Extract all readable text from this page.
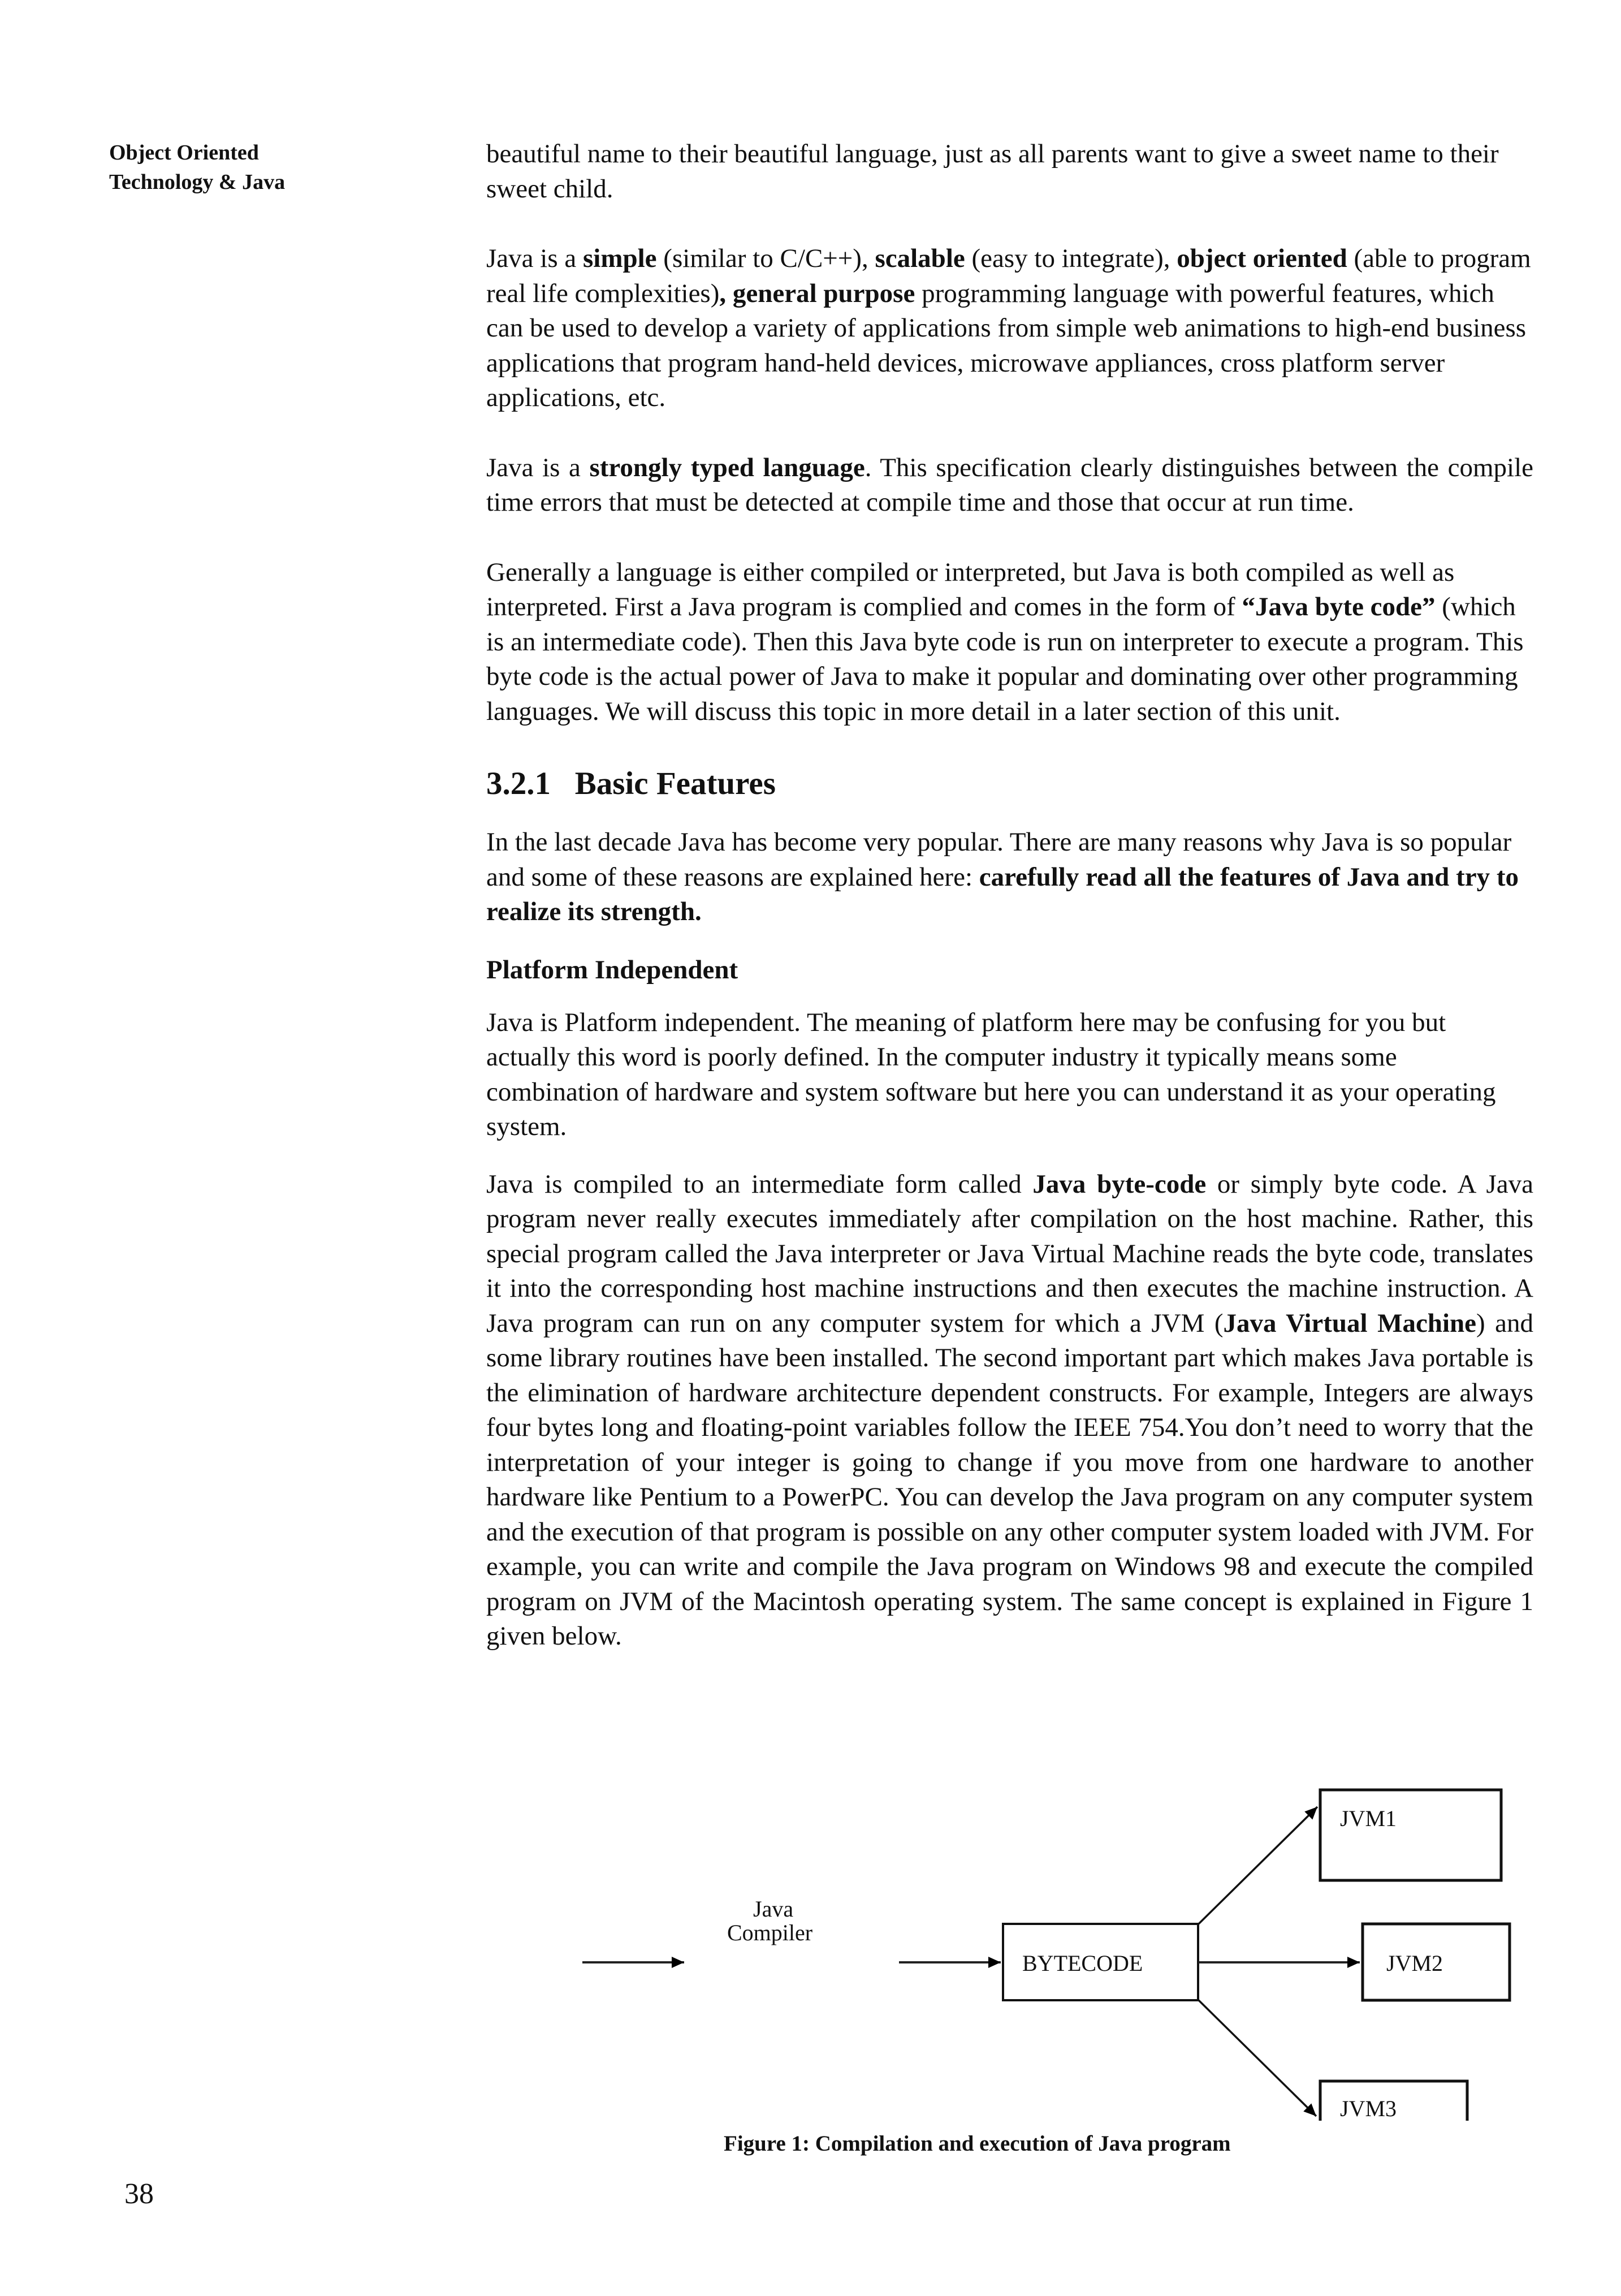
Object Oriented
Technology & Java

beautiful name to their beautiful language, just as all parents want to give a sweet name to their sweet child.

Java is a simple (similar to C/C++), scalable (easy to integrate), object oriented (able to program real life complexities), general purpose programming language with powerful features, which can be used to develop a variety of applications from simple web animations to high-end business applications that program hand-held devices, microwave appliances, cross platform server applications, etc.

Java is a strongly typed language. This specification clearly distinguishes between the compile time errors that must be detected at compile time and those that occur at run time.

Generally a language is either compiled or interpreted, but Java is both compiled as well as interpreted. First a Java program is complied and comes in the form of “Java byte code” (which is an intermediate code). Then this Java byte code is run on interpreter to execute a program. This byte code is the actual power of Java to make it popular and dominating over other programming languages. We will discuss this topic in more detail in a later section of this unit.

3.2.1   Basic Features

In the last decade Java has become very popular. There are many reasons why Java is so popular and some of these reasons are explained here: carefully read all the features of Java and try to realize its strength.

Platform Independent

Java is Platform independent. The meaning of platform here may be confusing for you but actually this word is poorly defined. In the computer industry it typically means some combination of hardware and system software but here you can understand it as your operating system.

Java is compiled to an intermediate form called Java byte-code or simply byte code. A Java program never really executes immediately after compilation on the host machine. Rather, this special program called the Java interpreter or Java Virtual Machine reads the byte code, translates it into the corresponding host machine instructions and then executes the machine instruction. A Java program can run on any computer system for which a JVM (Java Virtual Machine) and some library routines have been installed. The second important part which makes Java portable is the elimination of hardware architecture dependent constructs. For example, Integers are always four bytes long and floating-point variables follow the IEEE 754.You don’t need to worry that the interpretation of your integer is going to change if you move from one hardware to another hardware like Pentium to a PowerPC. You can develop the Java program on any computer system and the execution of that program is possible on any other computer system loaded with JVM. For example, you can write and compile the Java program on Windows 98 and execute the compiled program on JVM of the Macintosh operating system. The same concept is explained in Figure 1 given below.

Java
Compiler
BYTECODE
JVM1
JVM2
JVM3
Figure 1: Compilation and execution of Java program
38
